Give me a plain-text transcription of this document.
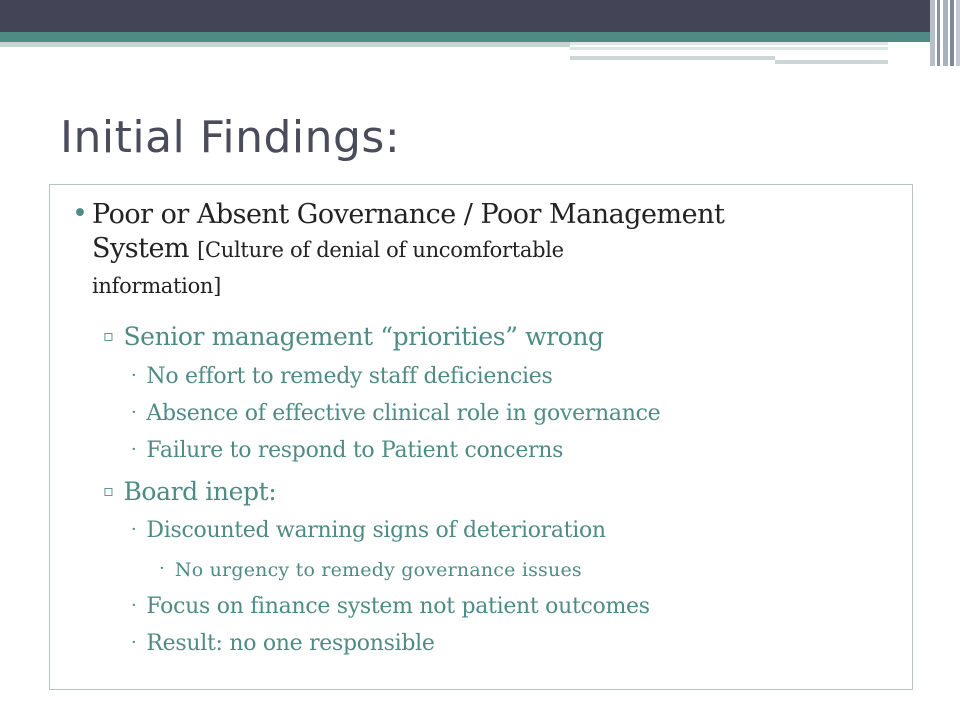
Initial Findings:
• Poor or Absent Governance / Poor Management

System [Culture of denial of uncomfortable

information]

▫ Senior management “priorities” wrong

· No effort to remedy staff deficiencies

· Absence of effective clinical role in governance

· Failure to respond to Patient concerns

▫ Board inept:

· Discounted warning signs of deterioration

· No urgency to remedy governance issues

· Focus on finance system not patient outcomes

· Result: no one responsible
